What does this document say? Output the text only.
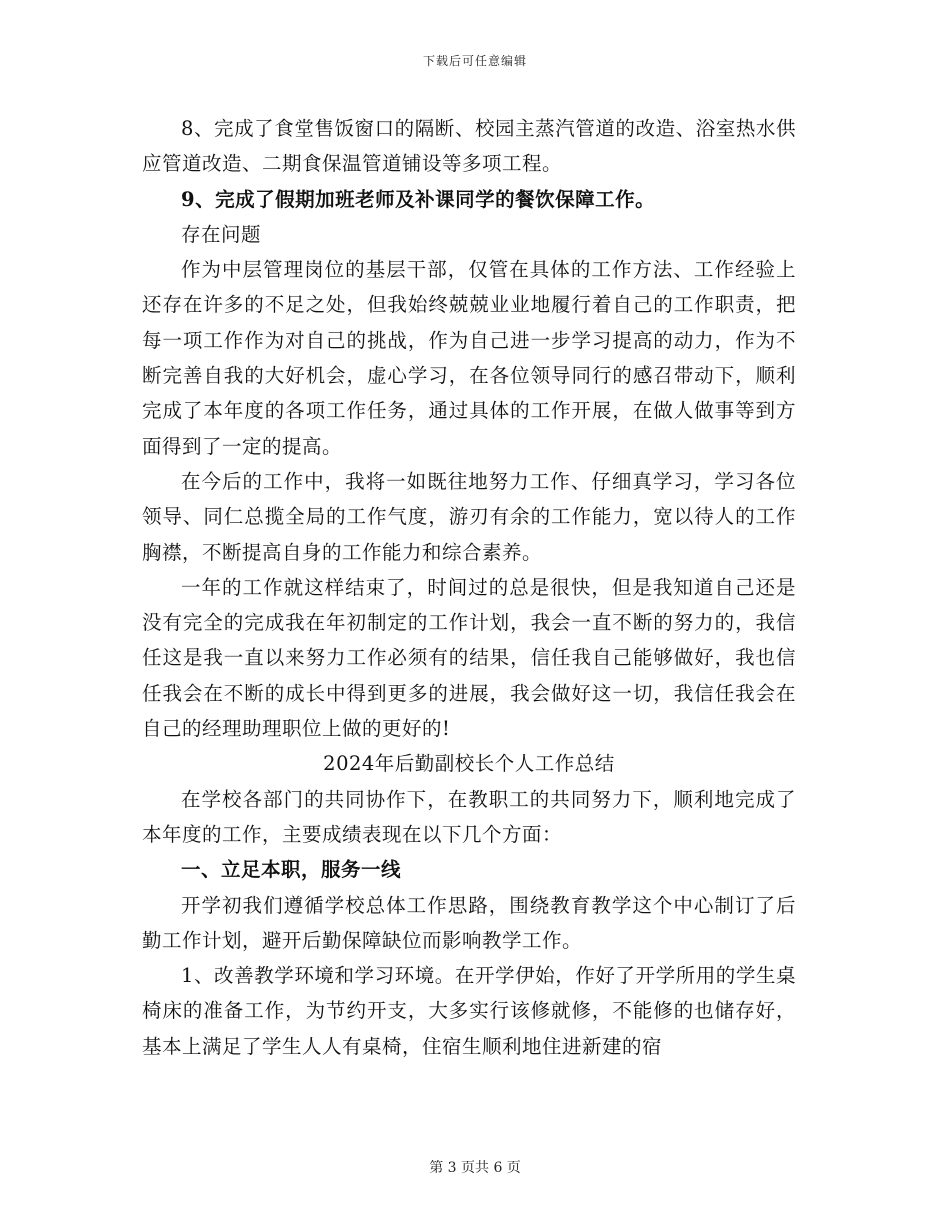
下载后可任意编辑

8、完成了食堂售饭窗口的隔断、校园主蒸汽管道的改造、浴室热水供应管道改造、二期食保温管道铺设等多项工程。

9、完成了假期加班老师及补课同学的餐饮保障工作。

存在问题

作为中层管理岗位的基层干部，仅管在具体的工作方法、工作经验上还存在许多的不足之处，但我始终兢兢业业地履行着自己的工作职责，把每一项工作作为对自己的挑战，作为自己进一步学习提高的动力，作为不断完善自我的大好机会，虚心学习，在各位领导同行的感召带动下，顺利完成了本年度的各项工作任务，通过具体的工作开展，在做人做事等到方面得到了一定的提高。

在今后的工作中，我将一如既往地努力工作、仔细真学习，学习各位领导、同仁总揽全局的工作气度，游刃有余的工作能力，宽以待人的工作胸襟，不断提高自身的工作能力和综合素养。

一年的工作就这样结束了，时间过的总是很快，但是我知道自己还是没有完全的完成我在年初制定的工作计划，我会一直不断的努力的，我信任这是我一直以来努力工作必须有的结果，信任我自己能够做好，我也信任我会在不断的成长中得到更多的进展，我会做好这一切，我信任我会在自己的经理助理职位上做的更好的!

2024年后勤副校长个人工作总结

在学校各部门的共同协作下，在教职工的共同努力下，顺利地完成了本年度的工作，主要成绩表现在以下几个方面：

一、立足本职，服务一线

开学初我们遵循学校总体工作思路，围绕教育教学这个中心制订了后勤工作计划，避开后勤保障缺位而影响教学工作。

1、改善教学环境和学习环境。在开学伊始，作好了开学所用的学生桌椅床的准备工作，为节约开支，大多实行该修就修，不能修的也储存好，基本上满足了学生人人有桌椅，住宿生顺利地住进新建的宿

第 3 页共 6 页
